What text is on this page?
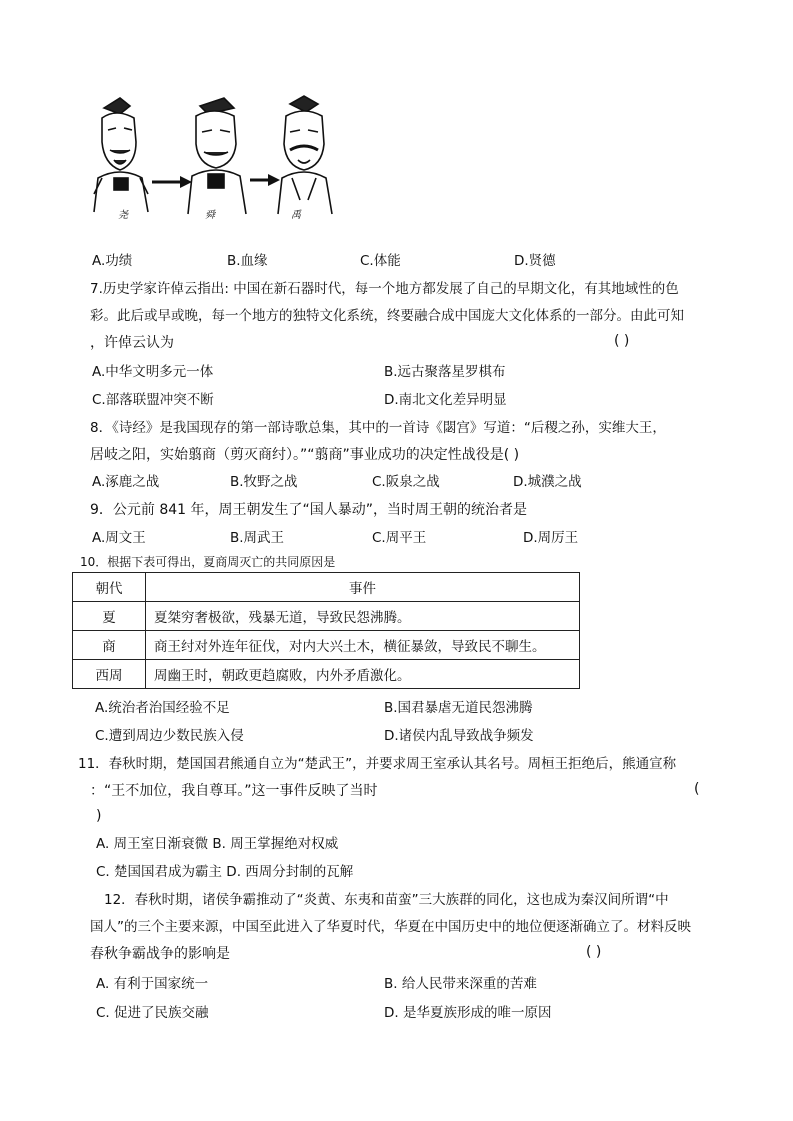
尧	舜	禹
A.功绩	B.血缘	C.体能	D.贤德
7.历史学家许倬云指出: 中国在新石器时代，每一个地方都发展了自己的早期文化，有其地域性的色
彩。此后或早或晚，每一个地方的独特文化系统，终要融合成中国庞大文化体系的一部分。由此可知
，许倬云认为	( )
A.中华文明多元一体	B.远古聚落星罗棋布
C.部落联盟冲突不断	D.南北文化差异明显
8．《诗经》是我国现存的第一部诗歌总集，其中的一首诗《閟宫》写道：“后稷之孙，实维大王，
居岐之阳，实始翦商（剪灭商纣）。”“翦商”事业成功的决定性战役是( )
A.涿鹿之战	B.牧野之战	C.阪泉之战	D.城濮之战
9．公元前 841 年，周王朝发生了“国人暴动”，当时周王朝的统治者是
A.周文王	B.周武王	C.周平王	D.周厉王
10．根据下表可得出，夏商周灭亡的共同原因是
朝代	事件
夏	夏桀穷奢极欲，残暴无道，导致民怨沸腾。
商	商王纣对外连年征伐，对内大兴土木，横征暴敛，导致民不聊生。
西周	周幽王时，朝政更趋腐败，内外矛盾激化。
A.统治者治国经验不足	B.国君暴虐无道民怨沸腾
C.遭到周边少数民族入侵	D.诸侯内乱导致战争频发
11．春秋时期，楚国国君熊通自立为“楚武王”，并要求周王室承认其名号。周桓王拒绝后，熊通宣称
：“王不加位，我自尊耳。”这一事件反映了当时	(
)
A. 周王室日渐衰微 B. 周王掌握绝对权威
C. 楚国国君成为霸主 D. 西周分封制的瓦解
12．春秋时期，诸侯争霸推动了“炎黄、东夷和苗蛮”三大族群的同化，这也成为秦汉间所谓“中
国人”的三个主要来源，中国至此进入了华夏时代，华夏在中国历史中的地位便逐渐确立了。材料反映
春秋争霸战争的影响是	( )
A. 有利于国家统一	B. 给人民带来深重的苦难
C. 促进了民族交融	D. 是华夏族形成的唯一原因
